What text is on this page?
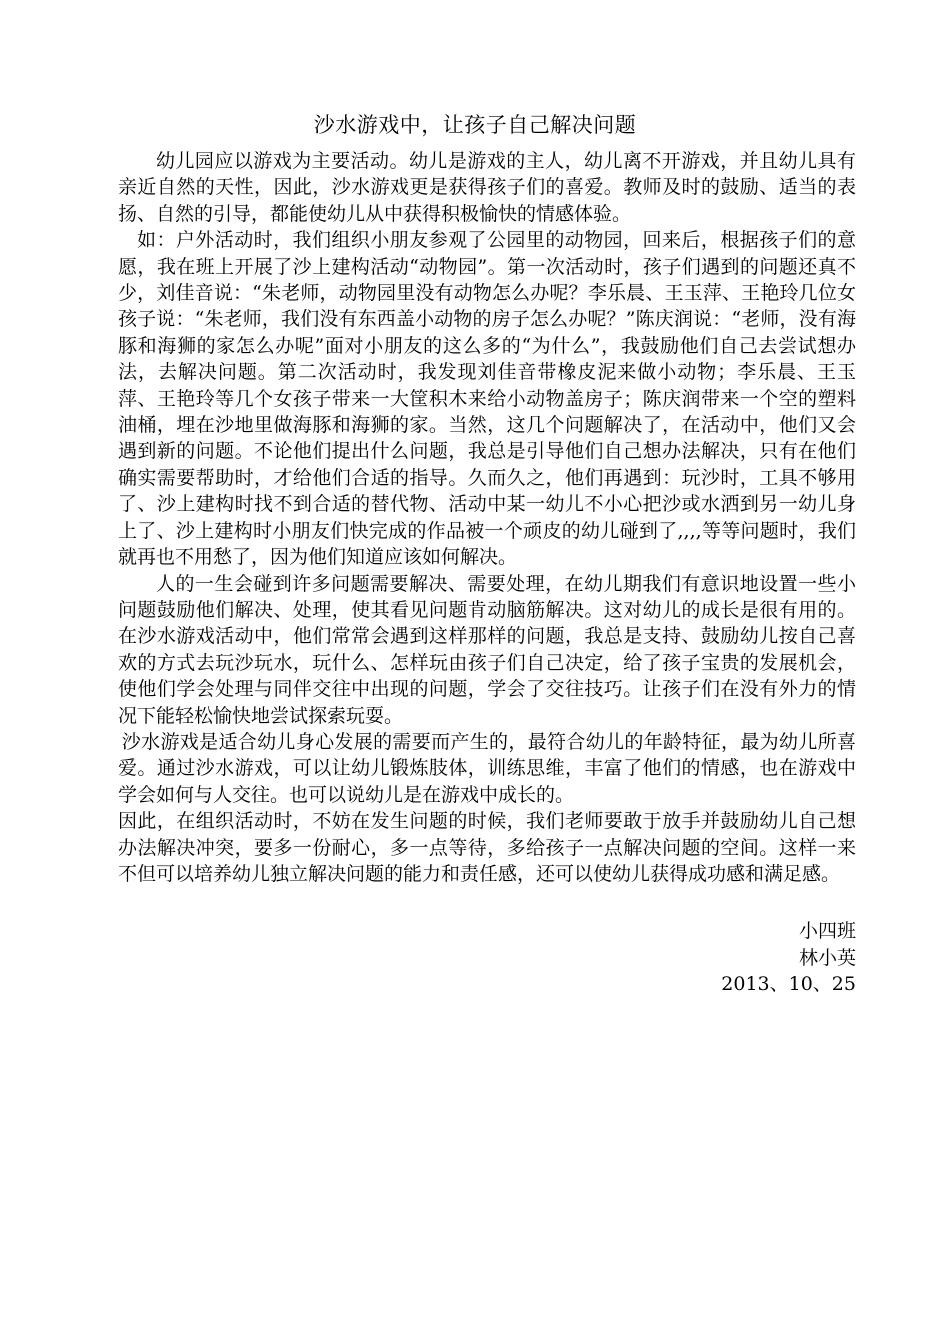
沙水游戏中，让孩子自己解决问题

幼儿园应以游戏为主要活动。幼儿是游戏的主人，幼儿离不开游戏，并且幼儿具有亲近自然的天性，因此，沙水游戏更是获得孩子们的喜爱。教师及时的鼓励、适当的表扬、自然的引导，都能使幼儿从中获得积极愉快的情感体验。

如：户外活动时，我们组织小朋友参观了公园里的动物园，回来后，根据孩子们的意愿，我在班上开展了沙上建构活动“动物园”。第一次活动时，孩子们遇到的问题还真不少，刘佳音说：“朱老师，动物园里没有动物怎么办呢？李乐晨、王玉萍、王艳玲几位女孩子说：“朱老师，我们没有东西盖小动物的房子怎么办呢？”陈庆润说：“老师，没有海豚和海狮的家怎么办呢”面对小朋友的这么多的“为什么”，我鼓励他们自己去尝试想办法，去解决问题。第二次活动时，我发现刘佳音带橡皮泥来做小动物；李乐晨、王玉萍、王艳玲等几个女孩子带来一大筐积木来给小动物盖房子；陈庆润带来一个空的塑料油桶，埋在沙地里做海豚和海狮的家。当然，这几个问题解决了，在活动中，他们又会遇到新的问题。不论他们提出什么问题，我总是引导他们自己想办法解决，只有在他们确实需要帮助时，才给他们合适的指导。久而久之，他们再遇到：玩沙时，工具不够用了、沙上建构时找不到合适的替代物、活动中某一幼儿不小心把沙或水洒到另一幼儿身上了、沙上建构时小朋友们快完成的作品被一个顽皮的幼儿碰到了,,,,等等问题时，我们就再也不用愁了，因为他们知道应该如何解决。

人的一生会碰到许多问题需要解决、需要处理，在幼儿期我们有意识地设置一些小问题鼓励他们解决、处理，使其看见问题肯动脑筋解决。这对幼儿的成长是很有用的。在沙水游戏活动中，他们常常会遇到这样那样的问题，我总是支持、鼓励幼儿按自己喜欢的方式去玩沙玩水，玩什么、怎样玩由孩子们自己决定，给了孩子宝贵的发展机会，使他们学会处理与同伴交往中出现的问题，学会了交往技巧。让孩子们在没有外力的情况下能轻松愉快地尝试探索玩耍。

沙水游戏是适合幼儿身心发展的需要而产生的，最符合幼儿的年龄特征，最为幼儿所喜爱。通过沙水游戏，可以让幼儿锻炼肢体，训练思维，丰富了他们的情感，也在游戏中学会如何与人交往。也可以说幼儿是在游戏中成长的。

因此，在组织活动时，不妨在发生问题的时候，我们老师要敢于放手并鼓励幼儿自己想办法解决冲突，要多一份耐心，多一点等待，多给孩子一点解决问题的空间。这样一来不但可以培养幼儿独立解决问题的能力和责任感，还可以使幼儿获得成功感和满足感。

小四班
林小英
2013、10、25
